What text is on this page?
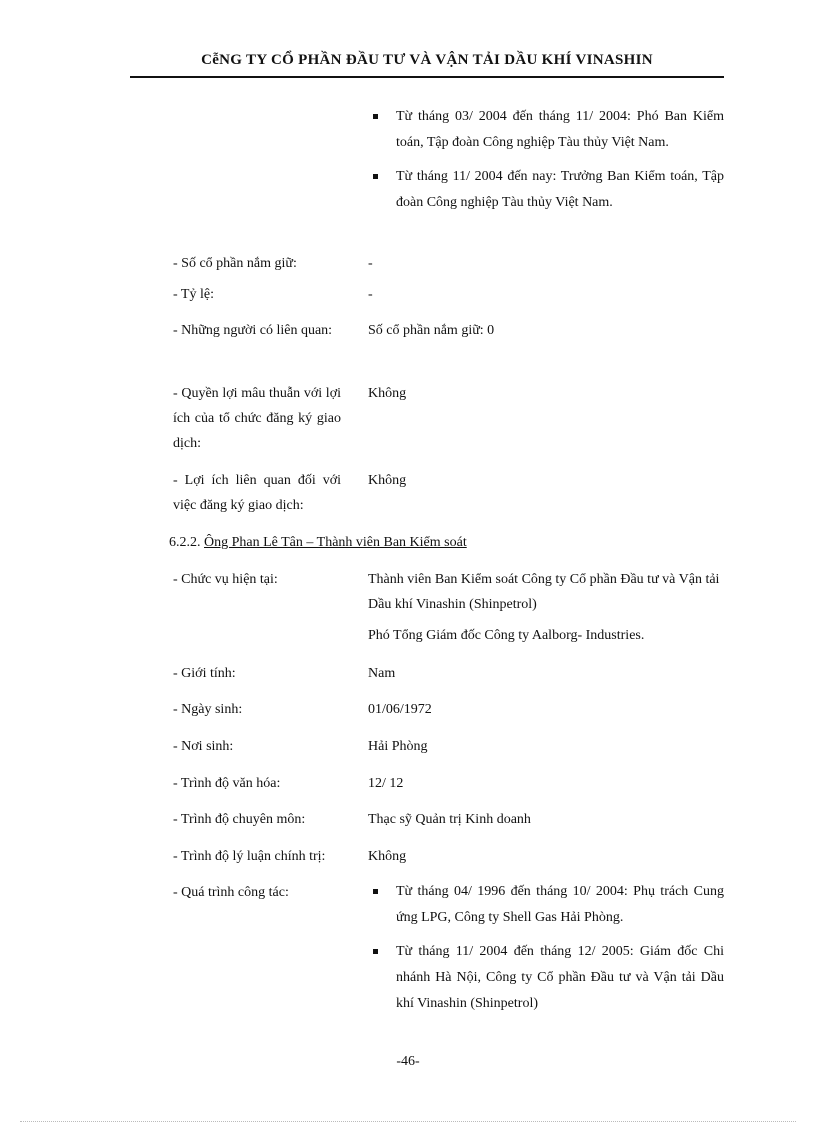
CễNG TY CỔ PHẦN ĐẦU TƯ VÀ VẬN TẢI DẦU KHÍ VINASHIN
Từ tháng 03/ 2004 đến tháng 11/ 2004: Phó Ban Kiểm toán, Tập đoàn Công nghiệp Tàu thủy Việt Nam.
Từ tháng 11/ 2004 đến nay: Trưởng Ban Kiểm toán, Tập đoàn Công nghiệp Tàu thủy Việt Nam.
- Số cổ phần nắm giữ:	-
- Tỷ lệ:	-
- Những người có liên quan:	Số cổ phần nắm giữ: 0
- Quyền lợi mâu thuẫn với lợi ích của tổ chức đăng ký giao dịch:
Không
- Lợi ích liên quan đối với việc đăng ký giao dịch:
Không
6.2.2. Ông Phan Lê Tân – Thành viên Ban Kiểm soát
- Chức vụ hiện tại:	Thành viên Ban Kiểm soát Công ty Cổ phần Đầu tư và Vận tải Dầu khí Vinashin (Shinpetrol)
Phó Tổng Giám đốc Công ty Aalborg- Industries.
- Giới tính:	Nam
- Ngày sinh:	01/06/1972
- Nơi sinh:	Hải Phòng
- Trình độ văn hóa:	12/ 12
- Trình độ chuyên môn:	Thạc sỹ Quản trị Kinh doanh
- Trình độ lý luận chính trị:	Không
- Quá trình công tác:	Từ tháng 04/ 1996 đến tháng 10/ 2004: Phụ trách Cung ứng LPG, Công ty Shell Gas Hải Phòng.
Từ tháng 11/ 2004 đến tháng 12/ 2005: Giám đốc Chi nhánh Hà Nội, Công ty Cổ phần Đầu tư và Vận tải Dầu khí Vinashin (Shinpetrol)
-46-
